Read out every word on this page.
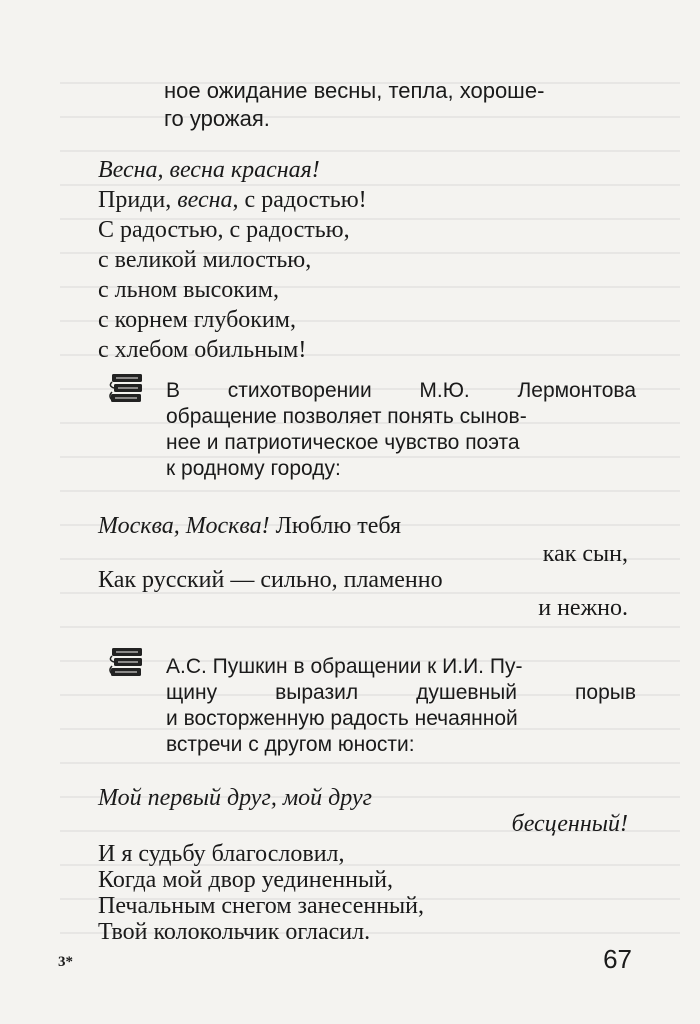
ное ожидание весны, тепла, хороше-
го урожая.
Весна, весна красная!
Приди, весна, с радостью!
С радостью, с радостью,
с великой милостью,
с льном высоким,
с корнем глубоким,
с хлебом обильным!
В стихотворении М.Ю. Лермонтова
обращение позволяет понять сынов-
нее и патриотическое чувство поэта
к родному городу:
Москва, Москва! Люблю тебя
как сын,
Как русский — сильно, пламенно
и нежно.
А.С. Пушкин в обращении к И.И. Пу-
щину	выразил	душевный	порыв
и восторженную радость нечаянной
встречи с другом юности:
Мой первый друг, мой друг
бесценный!
И я судьбу благословил,
Когда мой двор уединенный,
Печальным снегом занесенный,
Твой колокольчик огласил.
3*	67
